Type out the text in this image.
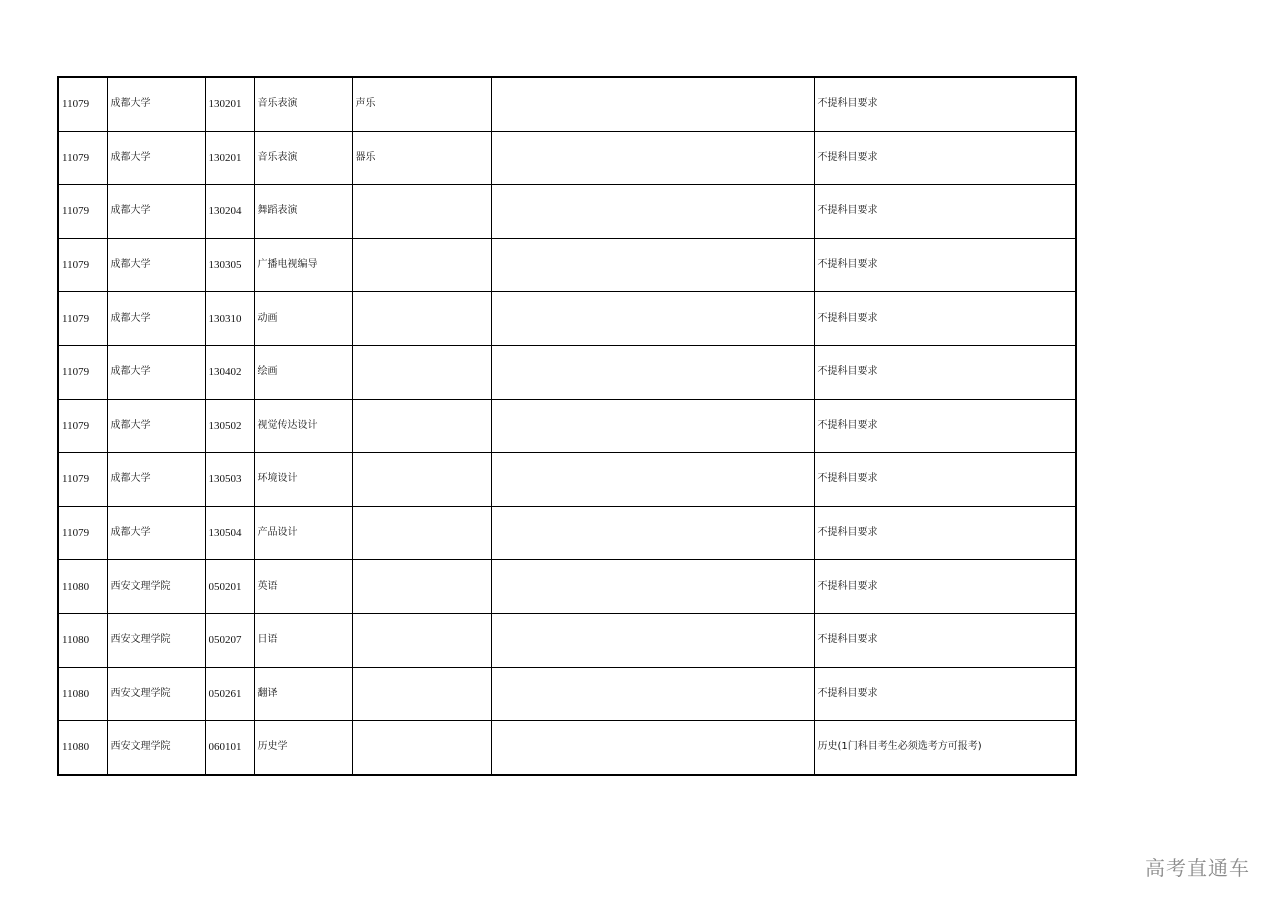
11079	成都大学	130201	音乐表演	声乐		不提科目要求
11079	成都大学	130201	音乐表演	器乐		不提科目要求
11079	成都大学	130204	舞蹈表演			不提科目要求
11079	成都大学	130305	广播电视编导			不提科目要求
11079	成都大学	130310	动画			不提科目要求
11079	成都大学	130402	绘画			不提科目要求
11079	成都大学	130502	视觉传达设计			不提科目要求
11079	成都大学	130503	环境设计			不提科目要求
11079	成都大学	130504	产品设计			不提科目要求
11080	西安文理学院	050201	英语			不提科目要求
11080	西安文理学院	050207	日语			不提科目要求
11080	西安文理学院	050261	翻译			不提科目要求
11080	西安文理学院	060101	历史学			历史(1门科目考生必须选考方可报考)
高考直通车
